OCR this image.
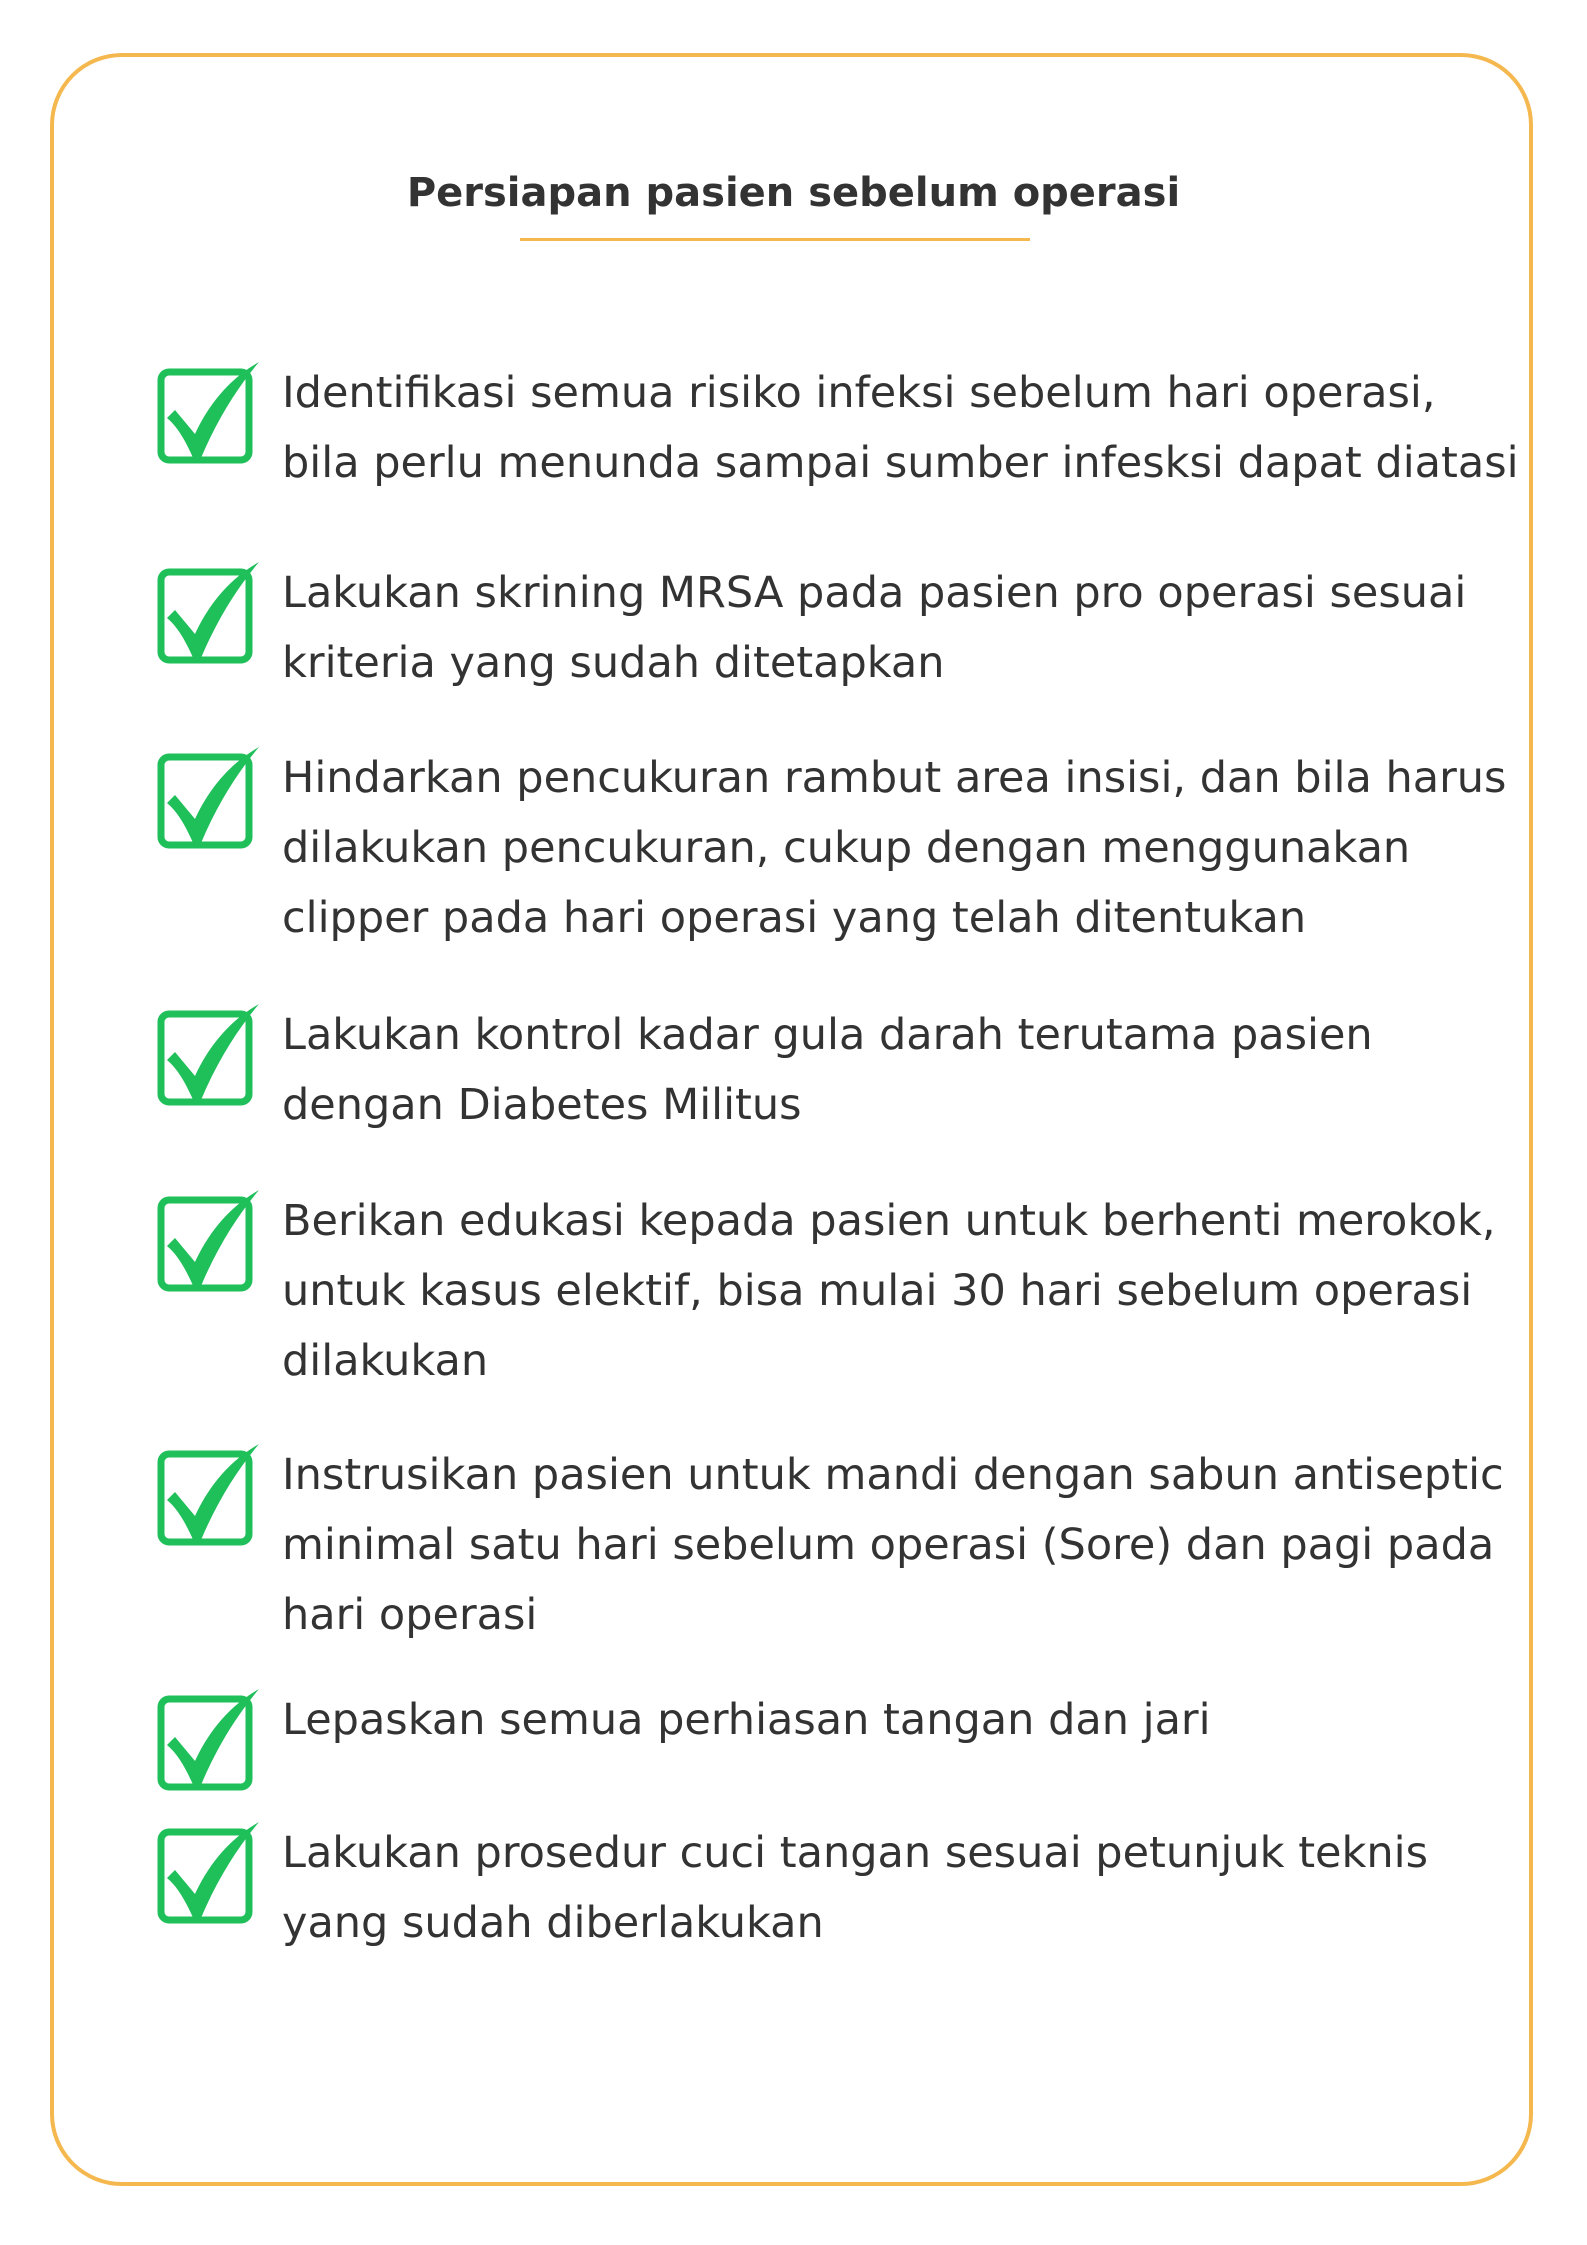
Persiapan pasien sebelum operasi
Identifikasi semua risiko infeksi sebelum hari operasi, bila perlu menunda sampai sumber infesksi dapat diatasi
Lakukan skrining MRSA pada pasien pro operasi sesuai kriteria yang sudah ditetapkan
Hindarkan pencukuran rambut area insisi, dan bila harus dilakukan pencukuran, cukup dengan menggunakan clipper pada hari operasi yang telah ditentukan
Lakukan kontrol kadar gula darah terutama pasien dengan Diabetes Militus
Berikan edukasi kepada pasien untuk berhenti merokok, untuk kasus elektif, bisa mulai 30 hari sebelum operasi dilakukan
Instrusikan pasien untuk mandi dengan sabun antiseptic minimal satu hari sebelum operasi (Sore) dan pagi pada hari operasi
Lepaskan semua perhiasan tangan dan jari
Lakukan prosedur cuci tangan sesuai petunjuk teknis yang sudah diberlakukan
